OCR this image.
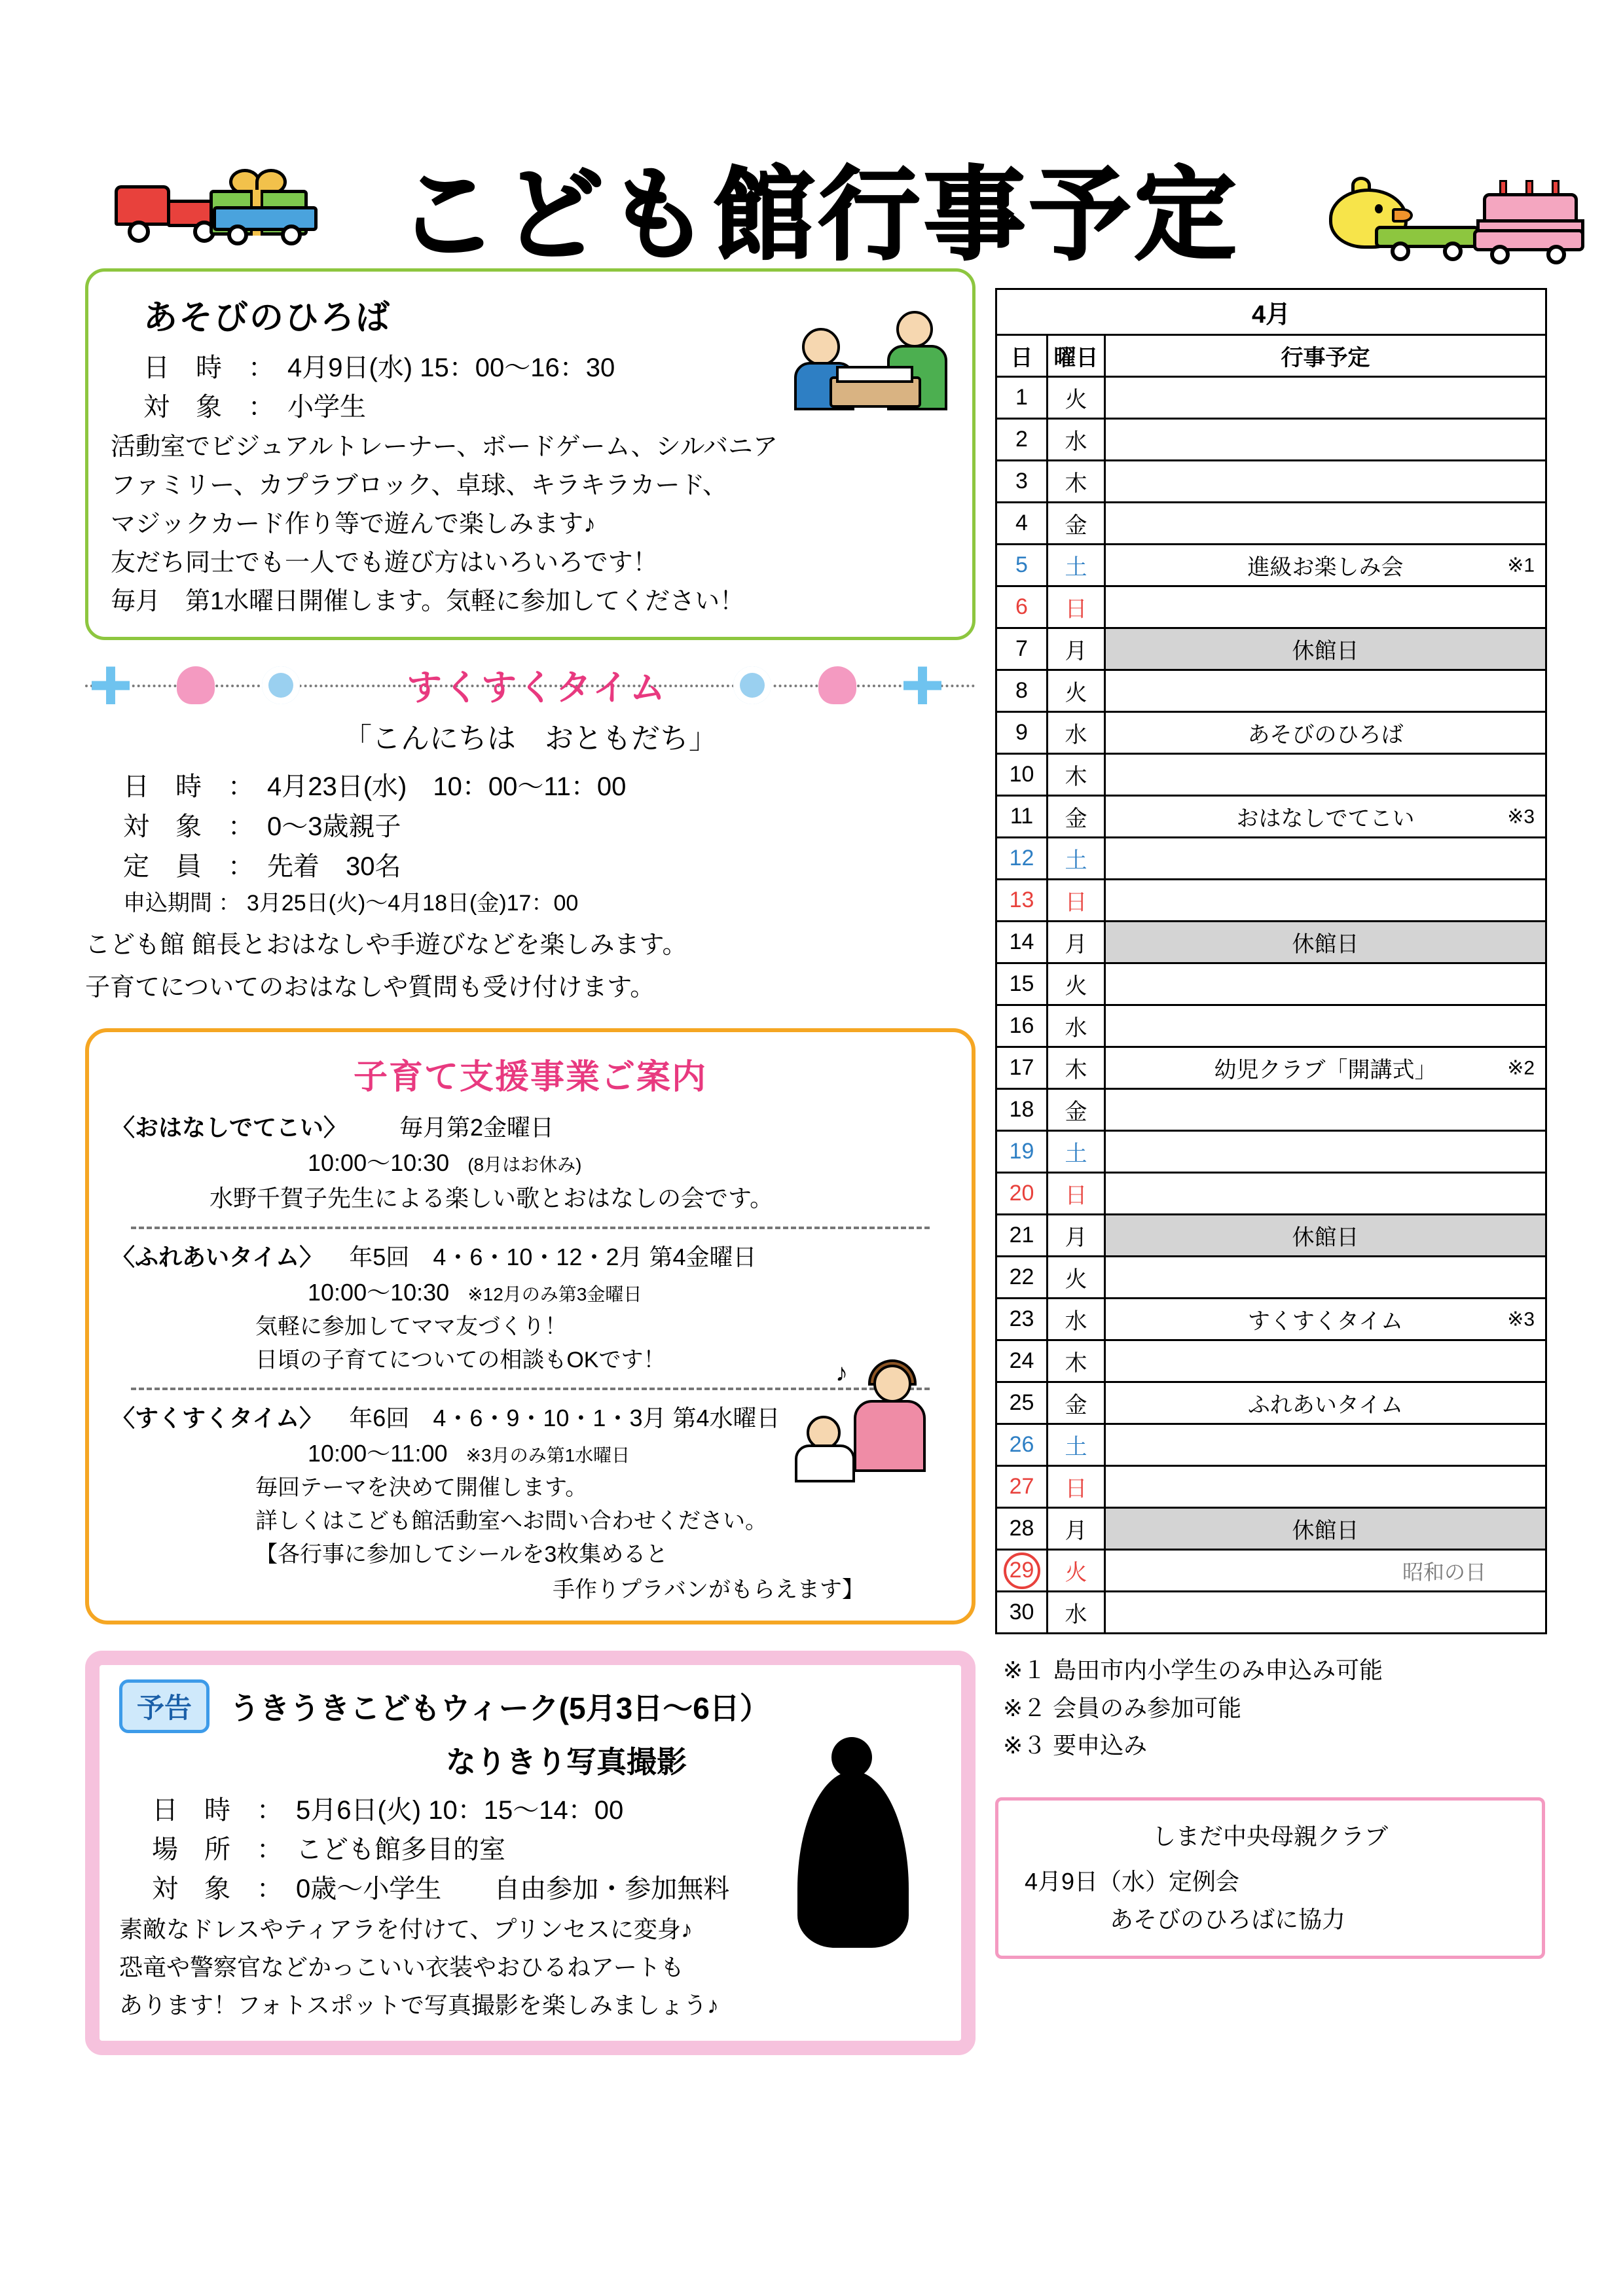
こども館行事予定
あそびのひろば
日　時　：　4月9日(水) 15：00〜16：30
対　象　：　小学生
活動室でビジュアルトレーナー、ボードゲーム、シルバニア
ファミリー、カプラブロック、卓球、キラキラカード、
マジックカード作り等で遊んで楽しみます♪
友だち同士でも一人でも遊び方はいろいろです！
毎月　第1水曜日開催します。気軽に参加してください！
すくすくタイム
「こんにちは　おともだち」
日　時　：　4月23日(水)　10：00〜11：00
対　象　：　0〜3歳親子
定　員　：　先着　30名
申込期間 ： 3月25日(火)〜4月18日(金)17：00
こども館 館長とおはなしや手遊びなどを楽しみます。
子育てについてのおはなしや質問も受け付けます。
子育て支援事業ご案内
〈おはなしでてこい〉 毎月第2金曜日
10:00〜10:30 (8月はお休み)
水野千賀子先生による楽しい歌とおはなしの会です。
〈ふれあいタイム〉 年5回　4・6・10・12・2月 第4金曜日
10:00〜10:30 ※12月のみ第3金曜日
気軽に参加してママ友づくり！
日頃の子育てについての相談もOKです！
〈すくすくタイム〉 年6回　4・6・9・10・1・3月 第4水曜日
10:00〜11:00 ※3月のみ第1水曜日
毎回テーマを決めて開催します。
詳しくはこども館活動室へお問い合わせください。
【各行事に参加してシールを3枚集めると
手作りプラバンがもらえます】
♪
予告 うきうきこどもウィーク(5月3日〜6日）
なりきり写真撮影
日　時　：　5月6日(火) 10：15〜14：00
場　所　：　こども館多目的室
対　象　：　0歳〜小学生　　自由参加・参加無料
素敵なドレスやティアラを付けて、プリンセスに変身♪
恐竜や警察官などかっこいい衣装やおひるねアートも
あります！フォトスポットで写真撮影を楽しみましょう♪
4月		
日	曜日	行事予定
1	火	
2	水	
3	木	
4	金	
5	土	進級お楽しみ会 ※1

6	日	
7	月	休館日
8	火	
9	水	あそびのひろば
10	木	
11	金	おはなしでてこい ※3

12	土	
13	日	
14	月	休館日
15	火	
16	水	
17	木	幼児クラブ「開講式」 ※2

18	金	
19	土	
20	日	
21	月	休館日
22	火	
23	水	すくすくタイム ※3

24	木	
25	金	ふれあいタイム
26	土	
27	日	
28	月	休館日

29	火	昭和の日

30	水	
※１ 島田市内小学生のみ申込み可能
※２ 会員のみ参加可能
※３ 要申込み
しまだ中央母親クラブ
4月9日（水）定例会
あそびのひろばに協力
